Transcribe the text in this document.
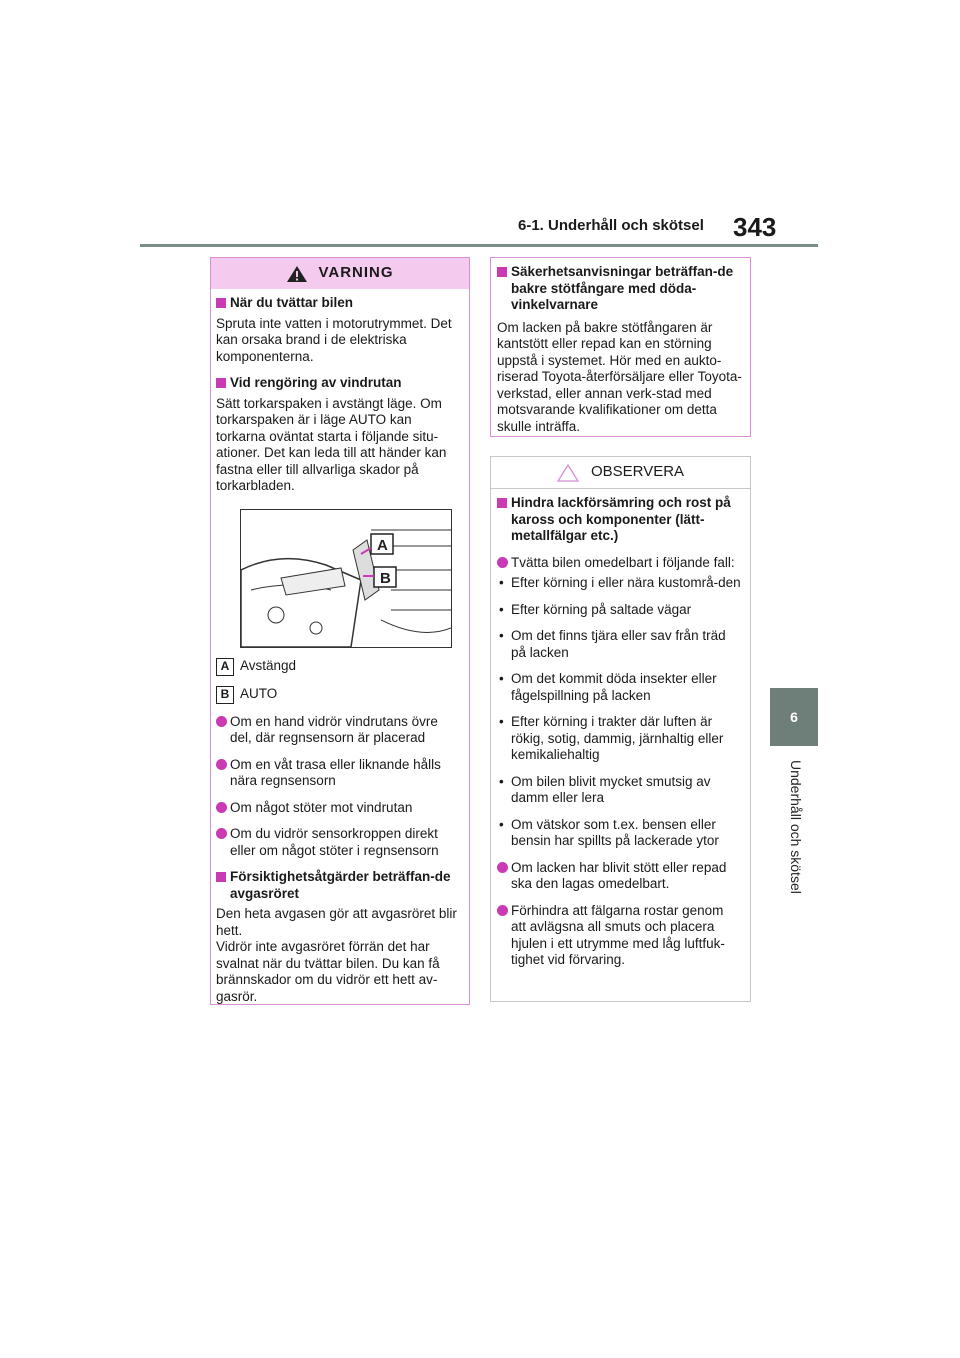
6-1. Underhåll och skötsel 343
6
Underhåll och skötsel
VARNING

När du tvättar bilen

Spruta inte vatten i motorutrymmet. Det kan orsaka brand i de elektriska komponenterna.

Vid rengöring av vindrutan

Sätt torkarspaken i avstängt läge. Om torkarspaken är i läge AUTO kan torkarna oväntat starta i följande situ-ationer. Det kan leda till att händer kan fastna eller till allvarliga skador på torkarbladen.

A
B
A Avstängd
B AUTO

Om en hand vidrör vindrutans övre del, där regnsensorn är placerad

Om en våt trasa eller liknande hålls nära regnsensorn

Om något stöter mot vindrutan

Om du vidrör sensorkroppen direkt eller om något stöter i regnsensorn

Försiktighetsåtgärder beträffan-de avgasröret

Den heta avgasen gör att avgasröret blir hett.

Vidrör inte avgasröret förrän det har svalnat när du tvättar bilen. Du kan få brännskador om du vidrör ett hett av-gasrör.

Säkerhetsanvisningar beträffan-de bakre stötfångare med döda-vinkelvarnare

Om lacken på bakre stötfångaren är kantstött eller repad kan en störning uppstå i systemet. Hör med en aukto-riserad Toyota-återförsäljare eller Toyota-verkstad, eller annan verk-stad med motsvarande kvalifikationer om detta skulle inträffa.

OBSERVERA

Hindra lackförsämring och rost på kaross och komponenter (lätt-metallfälgar etc.)

Tvätta bilen omedelbart i följande fall:

• Efter körning i eller nära kustområ-den

• Efter körning på saltade vägar

• Om det finns tjära eller sav från träd på lacken

• Om det kommit döda insekter eller fågelspillning på lacken

• Efter körning i trakter där luften är rökig, sotig, dammig, järnhaltig eller kemikaliehaltig

• Om bilen blivit mycket smutsig av damm eller lera

• Om vätskor som t.ex. bensen eller bensin har spillts på lackerade ytor

Om lacken har blivit stött eller repad ska den lagas omedelbart.

Förhindra att fälgarna rostar genom att avlägsna all smuts och placera hjulen i ett utrymme med låg luftfuk-tighet vid förvaring.
